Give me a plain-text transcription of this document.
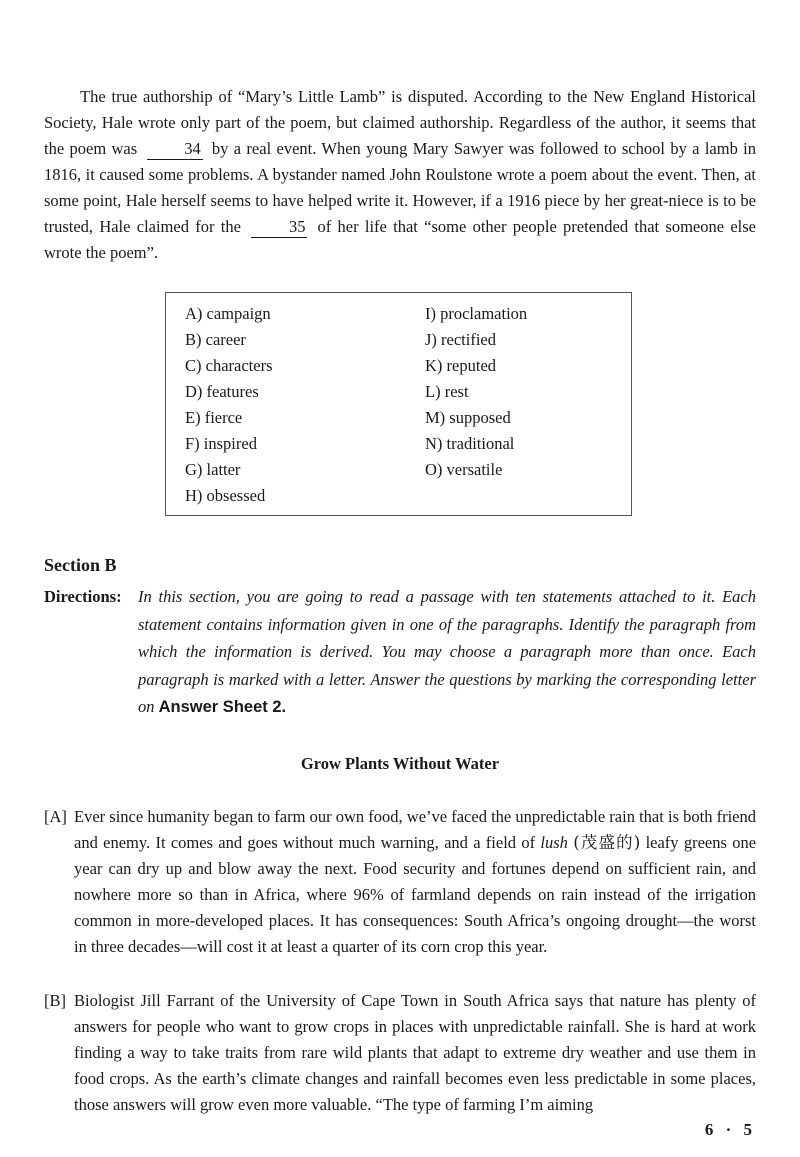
The true authorship of “Mary’s Little Lamb” is disputed. According to the New England Historical Society, Hale wrote only part of the poem, but claimed authorship. Regardless of the author, it seems that the poem was	34 by a real event. When young Mary Sawyer was followed to school by a lamb in 1816, it caused some problems. A bystander named John Roulstone wrote a poem about the event. Then, at some point, Hale herself seems to have helped write it. However, if a 1916 piece by her great-niece is to be trusted, Hale claimed for the	35 of her life that “some other people pretended that someone else wrote the poem”.

A) campaign
B) career
C) characters
D) features
E) fierce
F) inspired
G) latter
H) obsessed
I) proclamation
J) rectified
K) reputed
L) rest
M) supposed
N) traditional
O) versatile
Section B
Directions: In this section, you are going to read a passage with ten statements attached to it. Each statement contains information given in one of the paragraphs. Identify the paragraph from which the information is derived. You may choose a paragraph more than once. Each paragraph is marked with a letter. Answer the questions by marking the corresponding letter on Answer Sheet 2.
Grow Plants Without Water
[A] Ever since humanity began to farm our own food, we’ve faced the unpredictable rain that is both friend and enemy. It comes and goes without much warning, and a field of lush (茂盛的) leafy greens one year can dry up and blow away the next. Food security and fortunes depend on sufficient rain, and nowhere more so than in Africa, where 96% of farmland depends on rain instead of the irrigation common in more-developed places. It has consequences: South Africa’s ongoing drought—the worst in three decades—will cost it at least a quarter of its corn crop this year.

[B] Biologist Jill Farrant of the University of Cape Town in South Africa says that nature has plenty of answers for people who want to grow crops in places with unpredictable rainfall. She is hard at work finding a way to take traits from rare wild plants that adapt to extreme dry weather and use them in food crops. As the earth’s climate changes and rainfall becomes even less predictable in some places, those answers will grow even more valuable. “The type of farming I’m aiming

6 · 5
